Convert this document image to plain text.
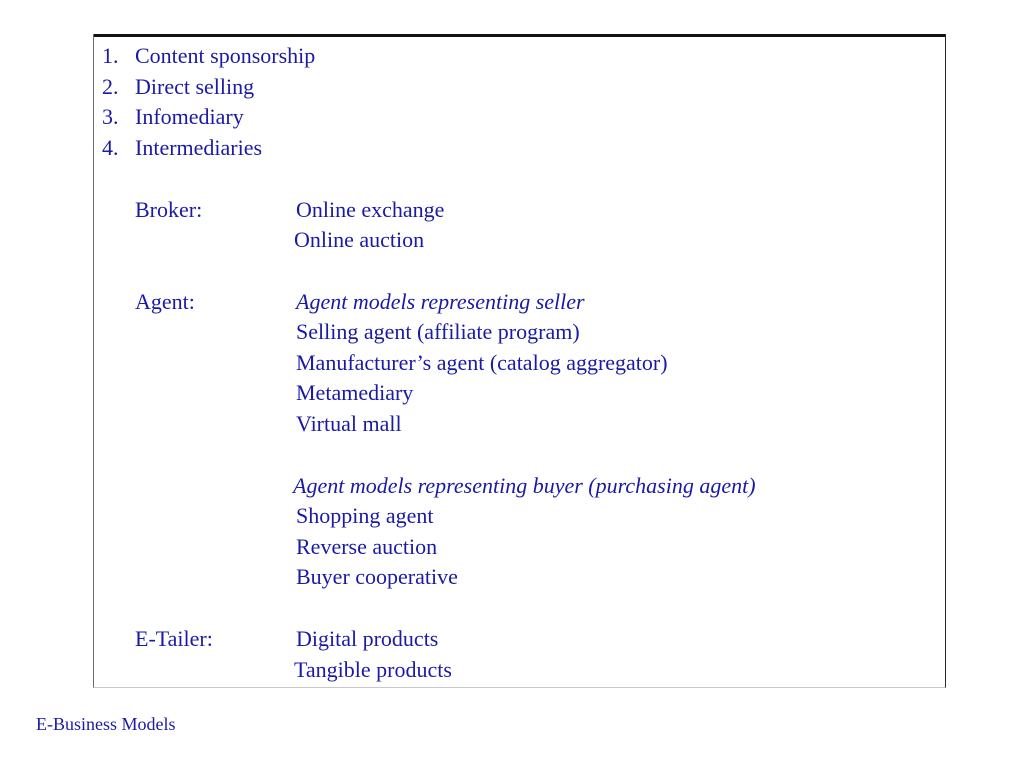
1. Content sponsorship
2. Direct selling
3. Infomediary
4. Intermediaries
Broker:	Online exchange
Online auction
Agent:	Agent models representing seller
Selling agent (affiliate program)
Manufacturer’s agent (catalog aggregator)
Metamediary
Virtual mall
Agent models representing buyer (purchasing agent)
Shopping agent
Reverse auction
Buyer cooperative
E-Tailer:	Digital products
Tangible products
E-Business Models
